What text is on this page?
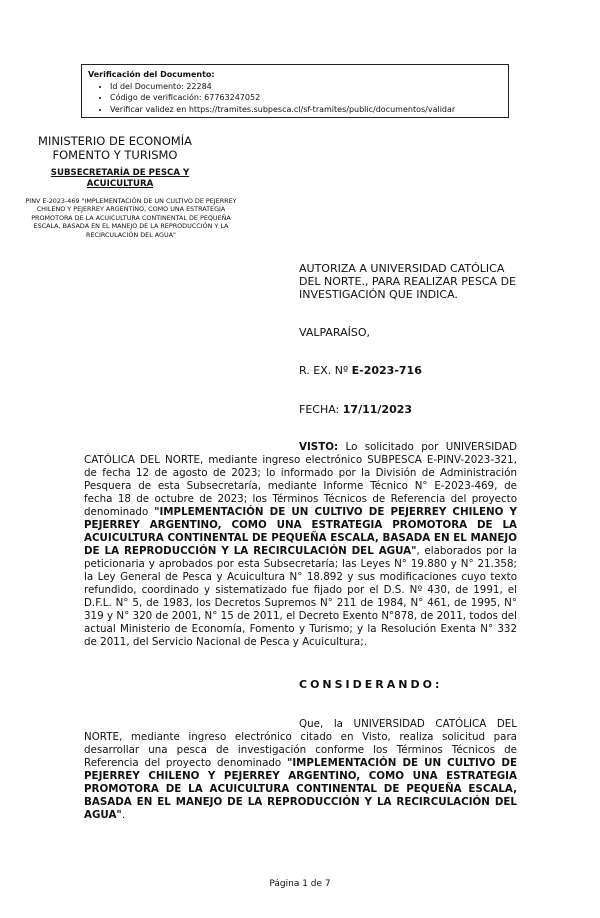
Verificación del Documento:
• Id del Documento: 22284
• Código de verificación: 67763247052
• Verificar validez en https://tramites.subpesca.cl/sf-tramites/public/documentos/validar
MINISTERIO DE ECONOMÍA
FOMENTO Y TURISMO
SUBSECRETARÍA DE PESCA Y ACUICULTURA
PINV E-2023-469 "IMPLEMENTACIÓN DE UN CULTIVO DE PEJERREY CHILENO Y PEJERREY ARGENTINO, COMO UNA ESTRATEGIA PROMOTORA DE LA ACUICULTURA CONTINENTAL DE PEQUEÑA ESCALA, BASADA EN EL MANEJO DE LA REPRODUCCIÓN Y LA RECIRCULACIÓN DEL AGUA"
AUTORIZA A UNIVERSIDAD CATÓLICA DEL NORTE., PARA REALIZAR PESCA DE INVESTIGACIÓN QUE INDICA.
VALPARAÍSO,
R. EX. Nº E-2023-716
FECHA: 17/11/2023

VISTO: Lo solicitado por UNIVERSIDAD CATÓLICA DEL NORTE, mediante ingreso electrónico SUBPESCA E-PINV-2023-321, de fecha 12 de agosto de 2023; lo informado por la División de Administración Pesquera de esta Subsecretaría, mediante Informe Técnico N° E-2023-469, de fecha 18 de octubre de 2023; los Términos Técnicos de Referencia del proyecto denominado "IMPLEMENTACIÓN DE UN CULTIVO DE PEJERREY CHILENO Y PEJERREY ARGENTINO, COMO UNA ESTRATEGIA PROMOTORA DE LA ACUICULTURA CONTINENTAL DE PEQUEÑA ESCALA, BASADA EN EL MANEJO DE LA REPRODUCCIÓN Y LA RECIRCULACIÓN DEL AGUA", elaborados por la peticionaria y aprobados por esta Subsecretaría; las Leyes N° 19.880 y N° 21.358; la Ley General de Pesca y Acuicultura N° 18.892 y sus modificaciones cuyo texto refundido, coordinado y sistematizado fue fijado por el D.S. Nº 430, de 1991, el D.F.L. N° 5, de 1983, los Decretos Supremos N° 211 de 1984, N° 461, de 1995, N° 319 y N° 320 de 2001, N° 15 de 2011, el Decreto Exento N°878, de 2011, todos del actual Ministerio de Economía, Fomento y Turismo; y la Resolución Exenta N° 332 de 2011, del Servicio Nacional de Pesca y Acuicultura;.

CONSIDERANDO:

Que, la UNIVERSIDAD CATÓLICA DEL NORTE, mediante ingreso electrónico citado en Visto, realiza solicitud para desarrollar una pesca de investigación conforme los Términos Técnicos de Referencia del proyecto denominado "IMPLEMENTACIÓN DE UN CULTIVO DE PEJERREY CHILENO Y PEJERREY ARGENTINO, COMO UNA ESTRATEGIA PROMOTORA DE LA ACUICULTURA CONTINENTAL DE PEQUEÑA ESCALA, BASADA EN EL MANEJO DE LA REPRODUCCIÓN Y LA RECIRCULACIÓN DEL AGUA".

Página 1 de 7
